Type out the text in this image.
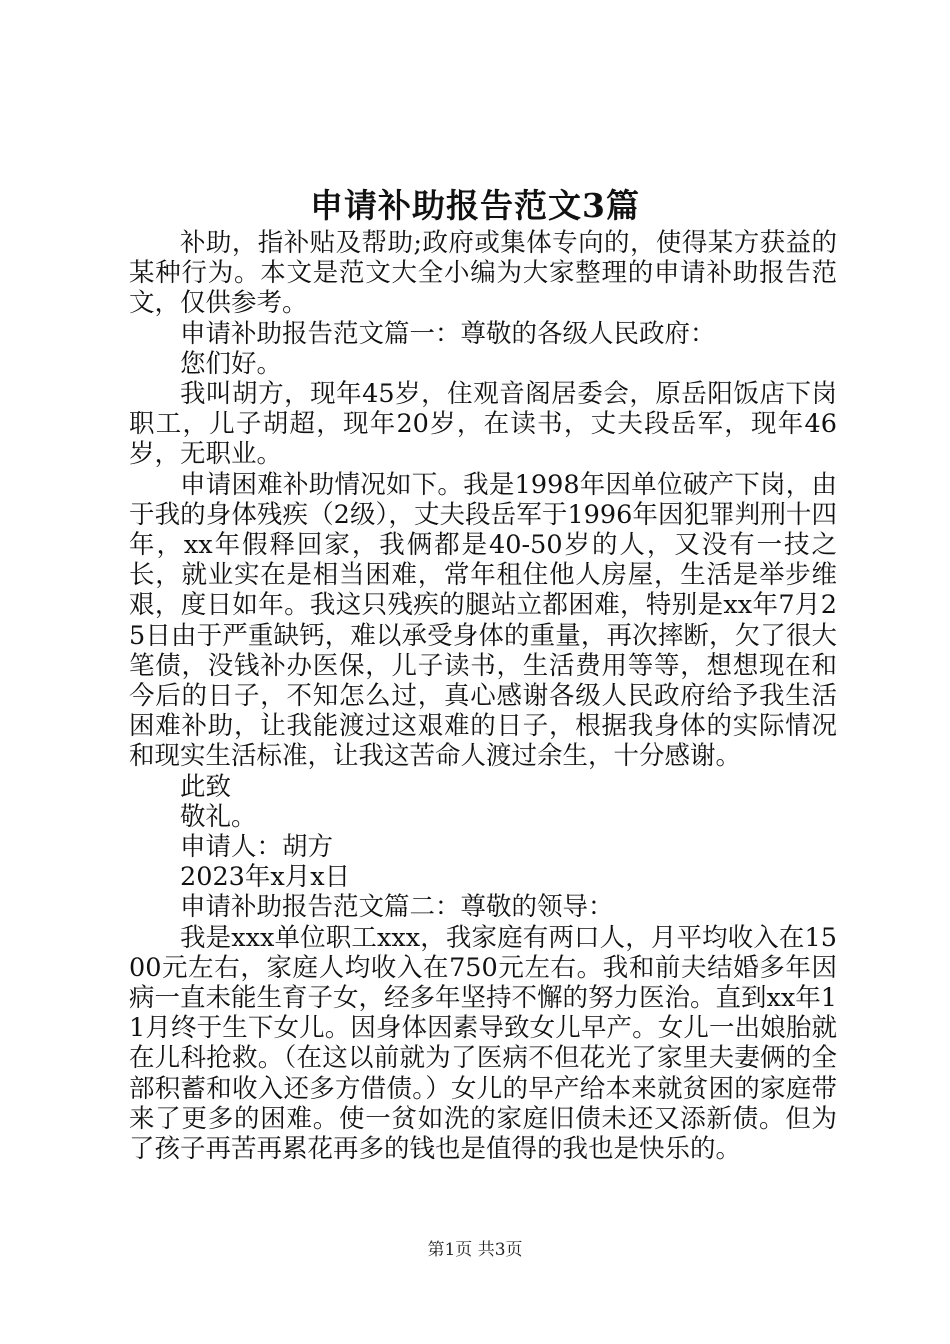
申请补助报告范文3篇

补助，指补贴及帮助;政府或集体专向的，使得某方获益的某种行为。本文是范文大全小编为大家整理的申请补助报告范文，仅供参考。

申请补助报告范文篇一：尊敬的各级人民政府：

您们好。

我叫胡方，现年45岁，住观音阁居委会，原岳阳饭店下岗职工，儿子胡超，现年20岁，在读书，丈夫段岳军，现年46岁，无职业。

申请困难补助情况如下。我是1998年因单位破产下岗，由于我的身体残疾（2级），丈夫段岳军于1996年因犯罪判刑十四年，xx年假释回家，我俩都是40-50岁的人，又没有一技之长，就业实在是相当困难，常年租住他人房屋，生活是举步维艰，度日如年。我这只残疾的腿站立都困难，特别是xx年7月25日由于严重缺钙，难以承受身体的重量，再次摔断，欠了很大笔债，没钱补办医保，儿子读书，生活费用等等，想想现在和今后的日子，不知怎么过，真心感谢各级人民政府给予我生活困难补助，让我能渡过这艰难的日子，根据我身体的实际情况和现实生活标准，让我这苦命人渡过余生，十分感谢。

此致

敬礼。

申请人：胡方

2023年x月x日

申请补助报告范文篇二：尊敬的领导：

我是xxx单位职工xxx，我家庭有两口人，月平均收入在1500元左右，家庭人均收入在750元左右。我和前夫结婚多年因病一直未能生育子女，经多年坚持不懈的努力医治。直到xx年11月终于生下女儿。因身体因素导致女儿早产。女儿一出娘胎就在儿科抢救。（在这以前就为了医病不但花光了家里夫妻俩的全部积蓄和收入还多方借债。）女儿的早产给本来就贫困的家庭带来了更多的困难。使一贫如洗的家庭旧债未还又添新债。但为了孩子再苦再累花再多的钱也是值得的我也是快乐的。

第1页 共3页
